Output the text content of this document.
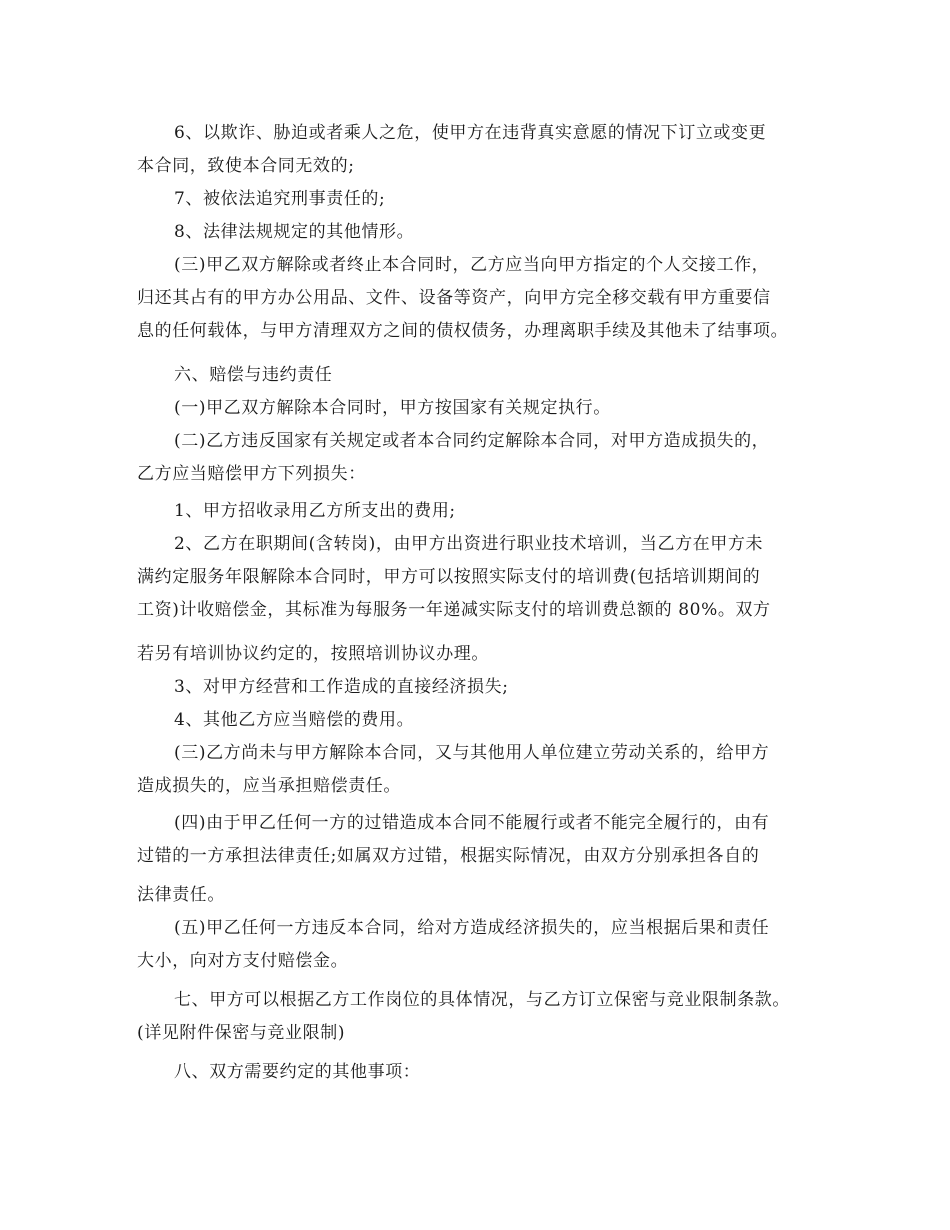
6、以欺诈、胁迫或者乘人之危，使甲方在违背真实意愿的情况下订立或变更
本合同，致使本合同无效的;
7、被依法追究刑事责任的;
8、法律法规规定的其他情形。
(三)甲乙双方解除或者终止本合同时，乙方应当向甲方指定的个人交接工作，
归还其占有的甲方办公用品、文件、设备等资产，向甲方完全移交载有甲方重要信
息的任何载体，与甲方清理双方之间的债权债务，办理离职手续及其他未了结事项。
六、赔偿与违约责任
(一)甲乙双方解除本合同时，甲方按国家有关规定执行。
(二)乙方违反国家有关规定或者本合同约定解除本合同，对甲方造成损失的，
乙方应当赔偿甲方下列损失：
1、甲方招收录用乙方所支出的费用;
2、乙方在职期间(含转岗)，由甲方出资进行职业技术培训，当乙方在甲方未
满约定服务年限解除本合同时，甲方可以按照实际支付的培训费(包括培训期间的
工资)计收赔偿金，其标准为每服务一年递减实际支付的培训费总额的 80%。双方
若另有培训协议约定的，按照培训协议办理。
3、对甲方经营和工作造成的直接经济损失;
4、其他乙方应当赔偿的费用。
(三)乙方尚未与甲方解除本合同，又与其他用人单位建立劳动关系的，给甲方
造成损失的，应当承担赔偿责任。
(四)由于甲乙任何一方的过错造成本合同不能履行或者不能完全履行的，由有
过错的一方承担法律责任;如属双方过错，根据实际情况，由双方分别承担各自的
法律责任。
(五)甲乙任何一方违反本合同，给对方造成经济损失的，应当根据后果和责任
大小，向对方支付赔偿金。
七、甲方可以根据乙方工作岗位的具体情况，与乙方订立保密与竞业限制条款。
(详见附件保密与竞业限制)
八、双方需要约定的其他事项：
